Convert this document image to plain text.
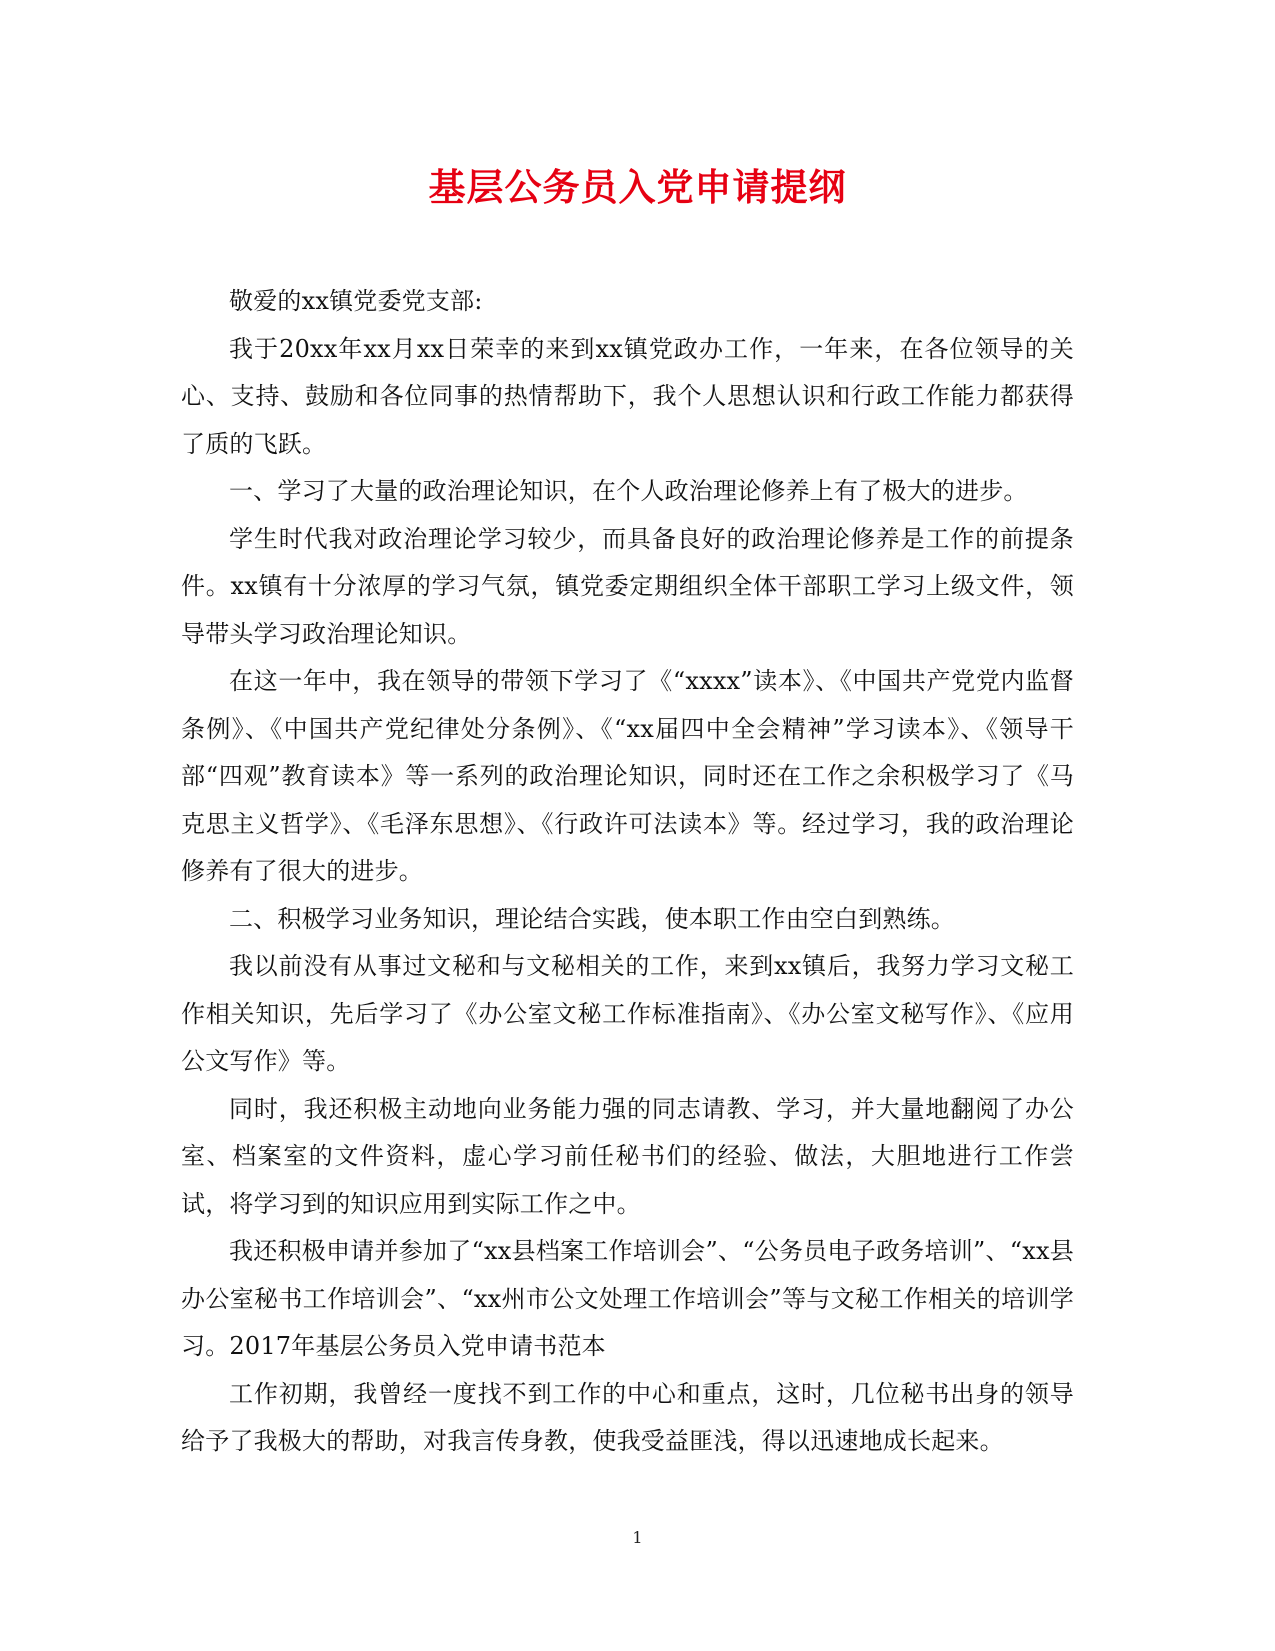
基层公务员入党申请提纲

敬爱的xx镇党委党支部:

我于20xx年xx月xx日荣幸的来到xx镇党政办工作，一年来，在各位领导的关心、支持、鼓励和各位同事的热情帮助下，我个人思想认识和行政工作能力都获得了质的飞跃。

一、学习了大量的政治理论知识，在个人政治理论修养上有了极大的进步。

学生时代我对政治理论学习较少，而具备良好的政治理论修养是工作的前提条件。xx镇有十分浓厚的学习气氛，镇党委定期组织全体干部职工学习上级文件，领导带头学习政治理论知识。

在这一年中，我在领导的带领下学习了《“xxxx”读本》、《中国共产党党内监督条例》、《中国共产党纪律处分条例》、《“xx届四中全会精神”学习读本》、《领导干部“四观”教育读本》等一系列的政治理论知识，同时还在工作之余积极学习了《马克思主义哲学》、《毛泽东思想》、《行政许可法读本》等。经过学习，我的政治理论修养有了很大的进步。

二、积极学习业务知识，理论结合实践，使本职工作由空白到熟练。

我以前没有从事过文秘和与文秘相关的工作，来到xx镇后，我努力学习文秘工作相关知识，先后学习了《办公室文秘工作标准指南》、《办公室文秘写作》、《应用公文写作》等。

同时，我还积极主动地向业务能力强的同志请教、学习，并大量地翻阅了办公室、档案室的文件资料，虚心学习前任秘书们的经验、做法，大胆地进行工作尝试，将学习到的知识应用到实际工作之中。

我还积极申请并参加了“xx县档案工作培训会”、“公务员电子政务培训”、“xx县办公室秘书工作培训会”、“xx州市公文处理工作培训会”等与文秘工作相关的培训学习。2017年基层公务员入党申请书范本

工作初期，我曾经一度找不到工作的中心和重点，这时，几位秘书出身的领导给予了我极大的帮助，对我言传身教，使我受益匪浅，得以迅速地成长起来。

1
